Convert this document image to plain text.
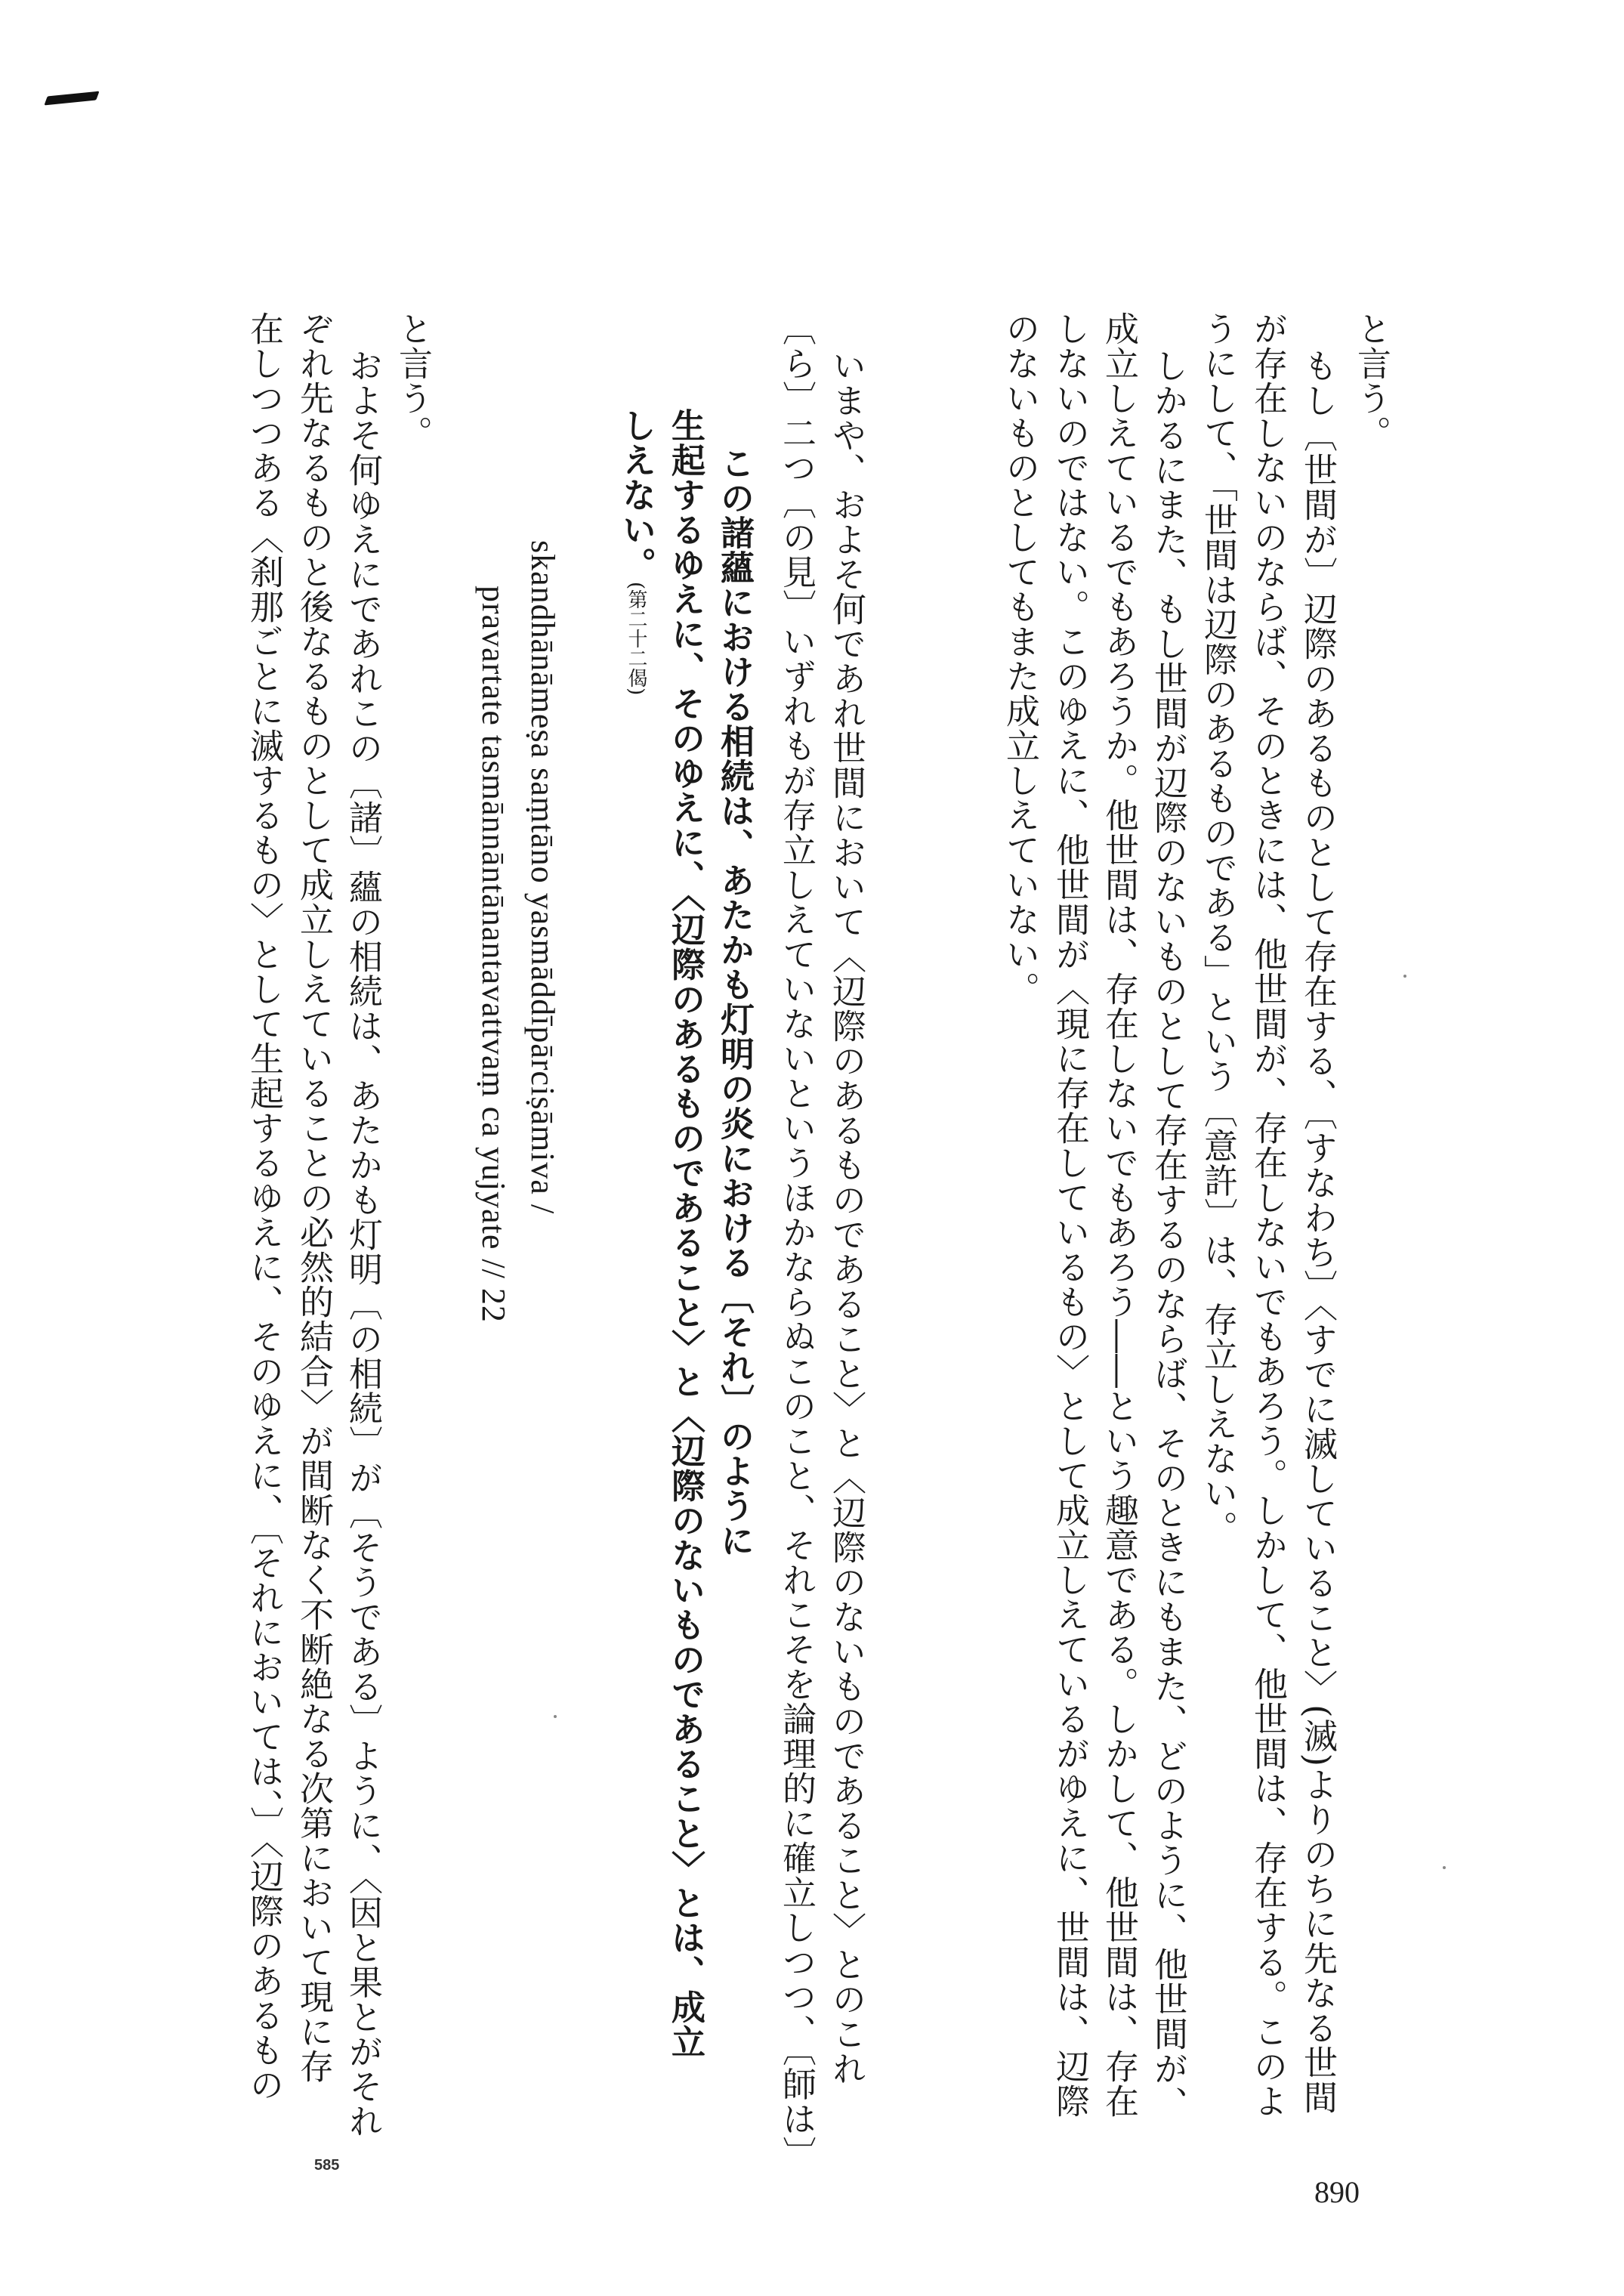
と言う。
もし〔世間が〕辺際のあるものとして存在する、〔すなわち〕〈すでに滅していること〉(滅)よりのちに先なる世間
が存在しないのならば、そのときには、他世間が、存在しないでもあろう。しかして、他世間は、存在する。このよ
うにして、「世間は辺際のあるものである」という〔意許〕は、存立しえない。
しかるにまた、もし世間が辺際のないものとして存在するのならば、そのときにもまた、どのように、他世間が、
成立しえているでもあろうか。他世間は、存在しないでもあろう――という趣意である。しかして、他世間は、存在
しないのではない。このゆえに、他世間が〈現に存在しているもの〉として成立しえているがゆえに、世間は、辺際
のないものとしてもまた成立しえていない。
いまや、およそ何であれ世間において〈辺際のあるものであること〉と〈辺際のないものであること〉とのこれ
〔ら〕二つ〔の見〕いずれもが存立しえていないというほかならぬこのこと、それこそを論理的に確立しつつ、〔師は〕
この諸蘊における相続は、あたかも灯明の炎における〔それ〕のように
生起するゆえに、そのゆえに、〈辺際のあるものであること〉と〈辺際のないものであること〉とは、成立
しえない。(第二十二偈)
skandhānāmeṣa saṃtāno yasmāddīpārciṣāmiva /
pravartate tasmānnāntānantavattvaṃ ca yujyate // 22
と言う。
およそ何ゆえにであれこの〔諸〕蘊の相続は、あたかも灯明〔の相続〕が〔そうである〕ように、〈因と果とがそれ
ぞれ先なるものと後なるものとして成立しえていることの必然的結合〉が間断なく不断絶なる次第において現に存
在しつつある〈刹那ごとに滅するもの〉として生起するゆえに、そのゆえに、〔それにおいては、〕〈辺際のあるもの
890
585
